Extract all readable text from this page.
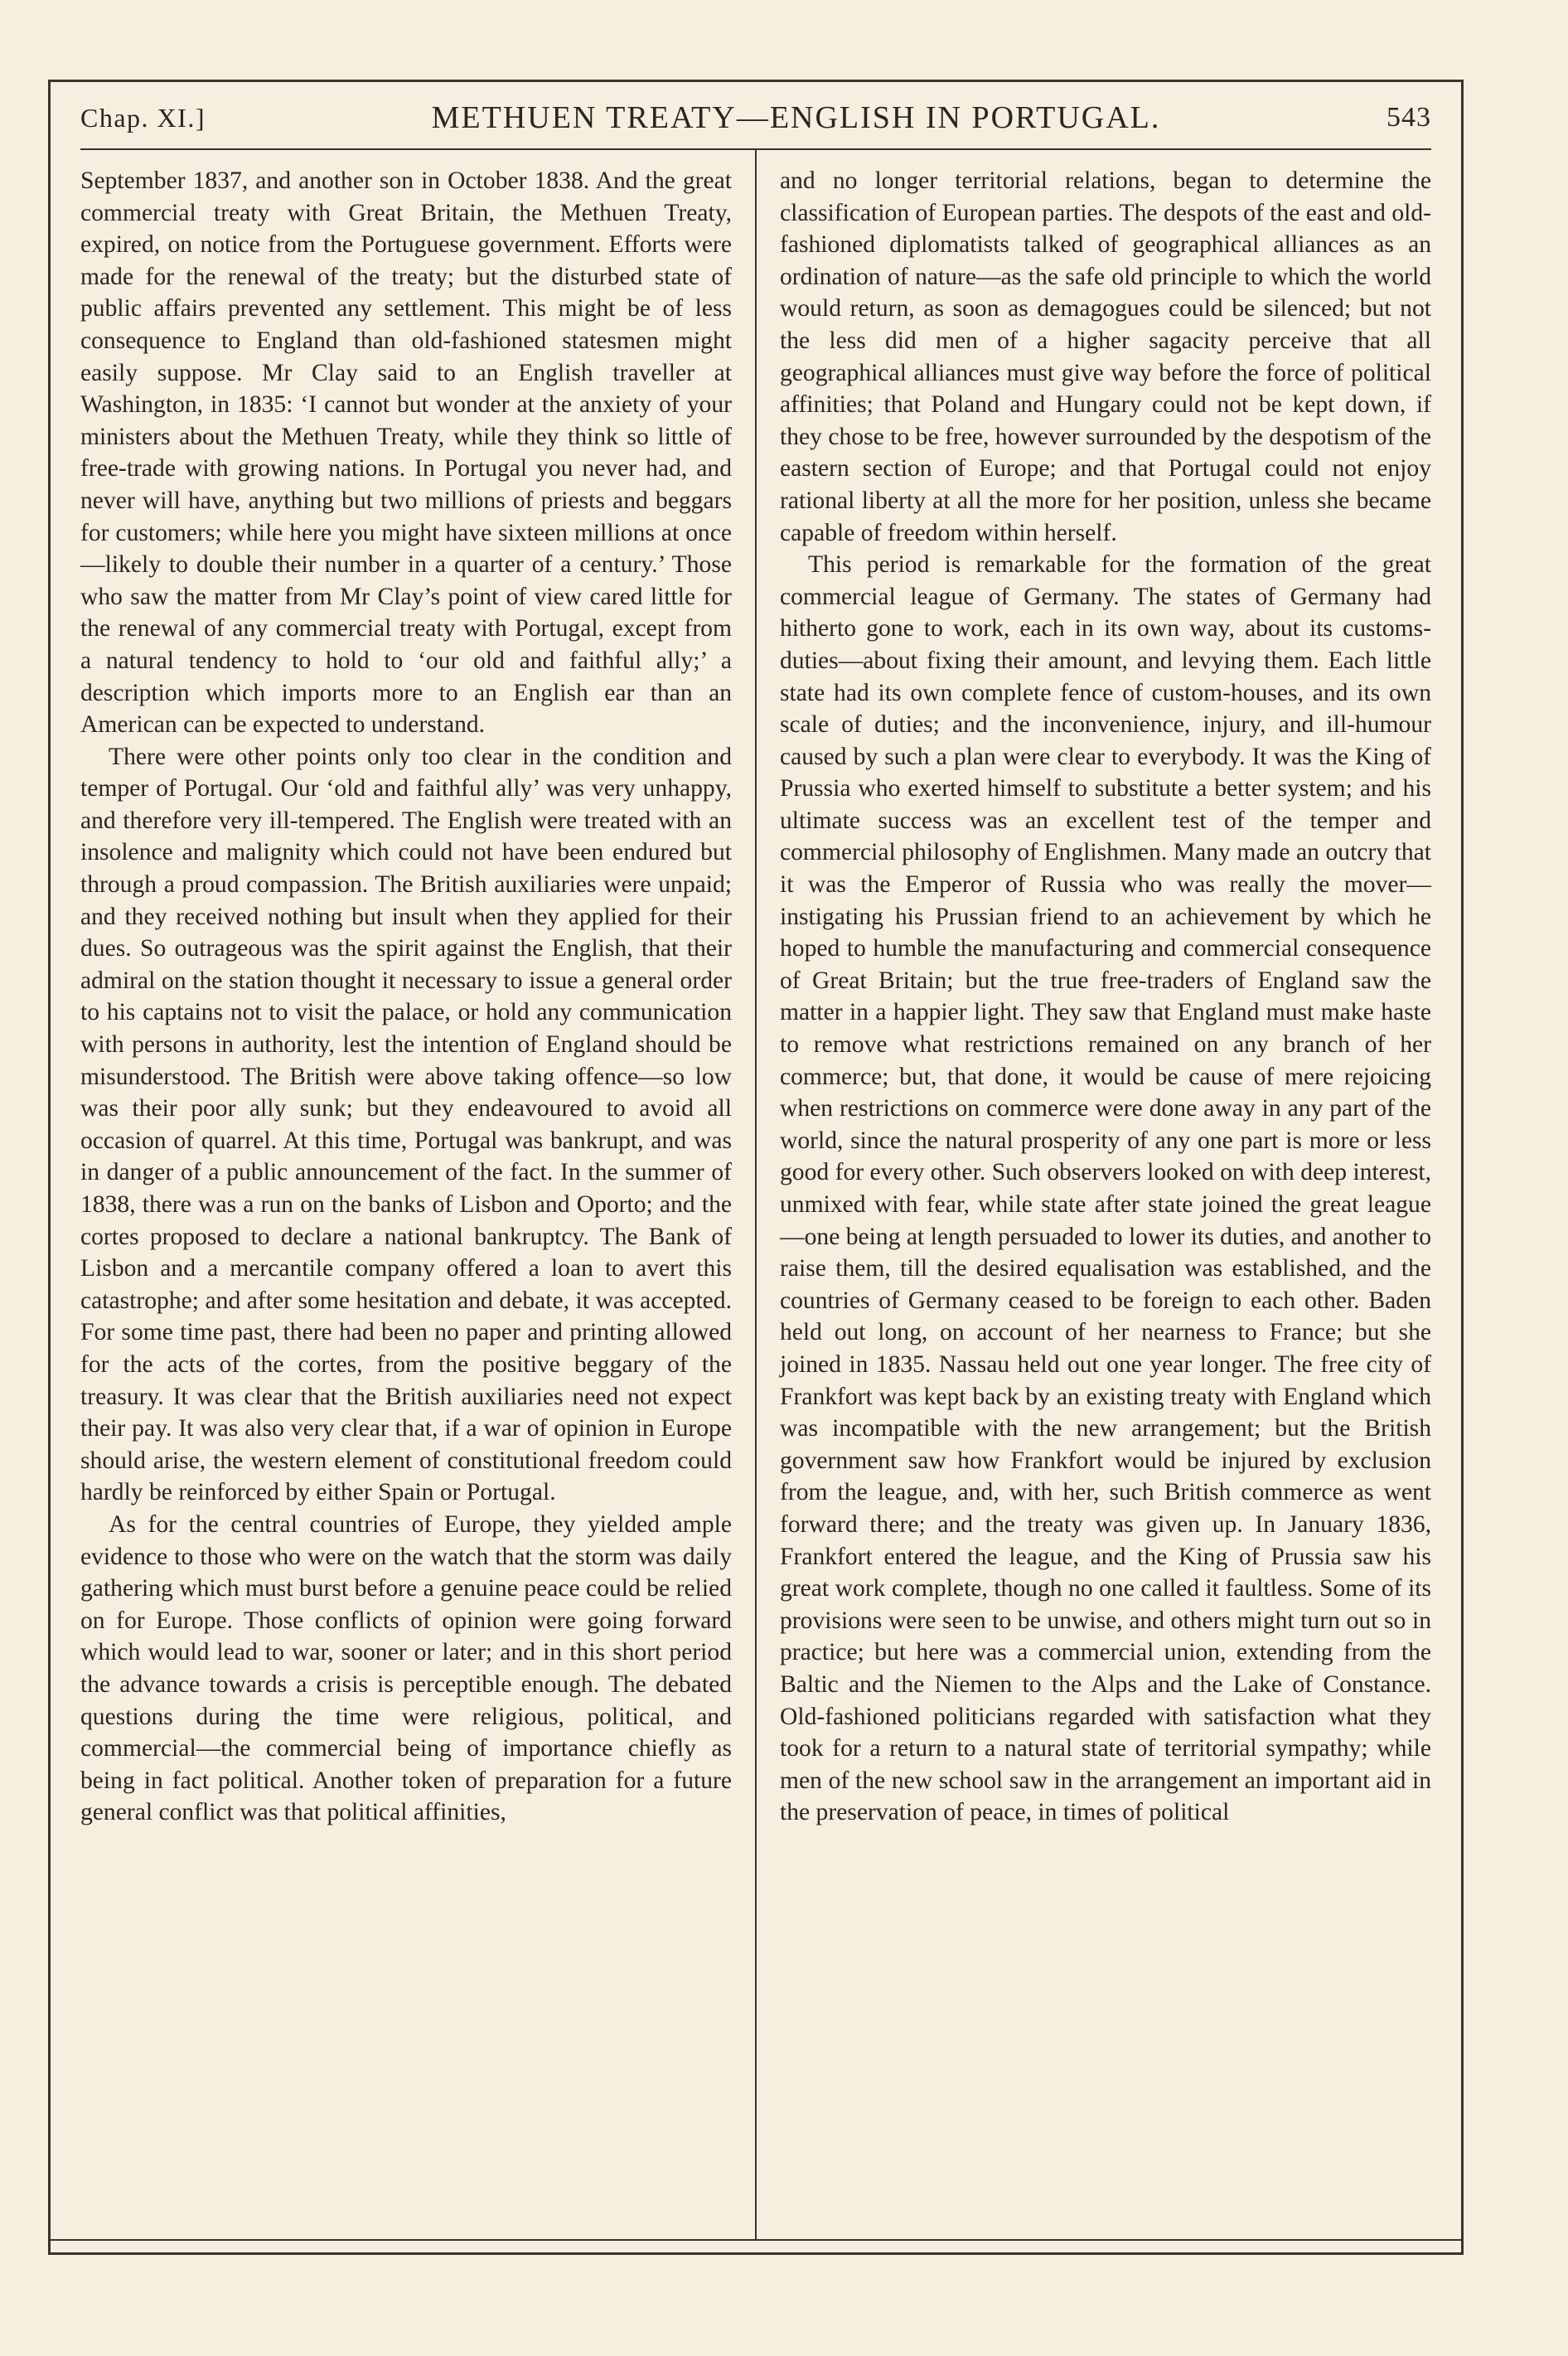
Chap. XI.]	METHUEN TREATY—ENGLISH IN PORTUGAL.	543

September 1837, and another son in October 1838. And the great commercial treaty with Great Britain, the Methuen Treaty, expired, on notice from the Portuguese government. Efforts were made for the renewal of the treaty; but the disturbed state of public affairs prevented any settlement. This might be of less consequence to England than old-fashioned statesmen might easily suppose. Mr Clay said to an English traveller at Washington, in 1835: ‘I cannot but wonder at the anxiety of your ministers about the Methuen Treaty, while they think so little of free-trade with growing nations. In Portugal you never had, and never will have, anything but two millions of priests and beggars for customers; while here you might have sixteen millions at once—likely to double their number in a quarter of a century.’ Those who saw the matter from Mr Clay’s point of view cared little for the renewal of any commercial treaty with Portugal, except from a natural tendency to hold to ‘our old and faithful ally;’ a description which imports more to an English ear than an American can be expected to understand.

There were other points only too clear in the condition and temper of Portugal. Our ‘old and faithful ally’ was very unhappy, and therefore very ill-tempered. The English were treated with an insolence and malignity which could not have been endured but through a proud compassion. The British auxiliaries were unpaid; and they received nothing but insult when they applied for their dues. So outrageous was the spirit against the English, that their admiral on the station thought it necessary to issue a general order to his captains not to visit the palace, or hold any communication with persons in authority, lest the intention of England should be misunderstood. The British were above taking offence—so low was their poor ally sunk; but they endeavoured to avoid all occasion of quarrel. At this time, Portugal was bankrupt, and was in danger of a public announcement of the fact. In the summer of 1838, there was a run on the banks of Lisbon and Oporto; and the cortes proposed to declare a national bankruptcy. The Bank of Lisbon and a mercantile company offered a loan to avert this catastrophe; and after some hesitation and debate, it was accepted. For some time past, there had been no paper and printing allowed for the acts of the cortes, from the positive beggary of the treasury. It was clear that the British auxiliaries need not expect their pay. It was also very clear that, if a war of opinion in Europe should arise, the western element of constitutional freedom could hardly be reinforced by either Spain or Portugal.

As for the central countries of Europe, they yielded ample evidence to those who were on the watch that the storm was daily gathering which must burst before a genuine peace could be relied on for Europe. Those conflicts of opinion were going forward which would lead to war, sooner or later; and in this short period the advance towards a crisis is perceptible enough. The debated questions during the time were religious, political, and commercial—the commercial being of importance chiefly as being in fact political. Another token of preparation for a future general conflict was that political affinities,

and no longer territorial relations, began to determine the classification of European parties. The despots of the east and old-fashioned diplomatists talked of geographical alliances as an ordination of nature—as the safe old principle to which the world would return, as soon as demagogues could be silenced; but not the less did men of a higher sagacity perceive that all geographical alliances must give way before the force of political affinities; that Poland and Hungary could not be kept down, if they chose to be free, however surrounded by the despotism of the eastern section of Europe; and that Portugal could not enjoy rational liberty at all the more for her position, unless she became capable of freedom within herself.

This period is remarkable for the formation of the great commercial league of Germany. The states of Germany had hitherto gone to work, each in its own way, about its customs-duties—about fixing their amount, and levying them. Each little state had its own complete fence of custom-houses, and its own scale of duties; and the inconvenience, injury, and ill-humour caused by such a plan were clear to everybody. It was the King of Prussia who exerted himself to substitute a better system; and his ultimate success was an excellent test of the temper and commercial philosophy of Englishmen. Many made an outcry that it was the Emperor of Russia who was really the mover—instigating his Prussian friend to an achievement by which he hoped to humble the manufacturing and commercial consequence of Great Britain; but the true free-traders of England saw the matter in a happier light. They saw that England must make haste to remove what restrictions remained on any branch of her commerce; but, that done, it would be cause of mere rejoicing when restrictions on commerce were done away in any part of the world, since the natural prosperity of any one part is more or less good for every other. Such observers looked on with deep interest, unmixed with fear, while state after state joined the great league—one being at length persuaded to lower its duties, and another to raise them, till the desired equalisation was established, and the countries of Germany ceased to be foreign to each other. Baden held out long, on account of her nearness to France; but she joined in 1835. Nassau held out one year longer. The free city of Frankfort was kept back by an existing treaty with England which was incompatible with the new arrangement; but the British government saw how Frankfort would be injured by exclusion from the league, and, with her, such British commerce as went forward there; and the treaty was given up. In January 1836, Frankfort entered the league, and the King of Prussia saw his great work complete, though no one called it faultless. Some of its provisions were seen to be unwise, and others might turn out so in practice; but here was a commercial union, extending from the Baltic and the Niemen to the Alps and the Lake of Constance. Old-fashioned politicians regarded with satisfaction what they took for a return to a natural state of territorial sympathy; while men of the new school saw in the arrangement an important aid in the preservation of peace, in times of political
